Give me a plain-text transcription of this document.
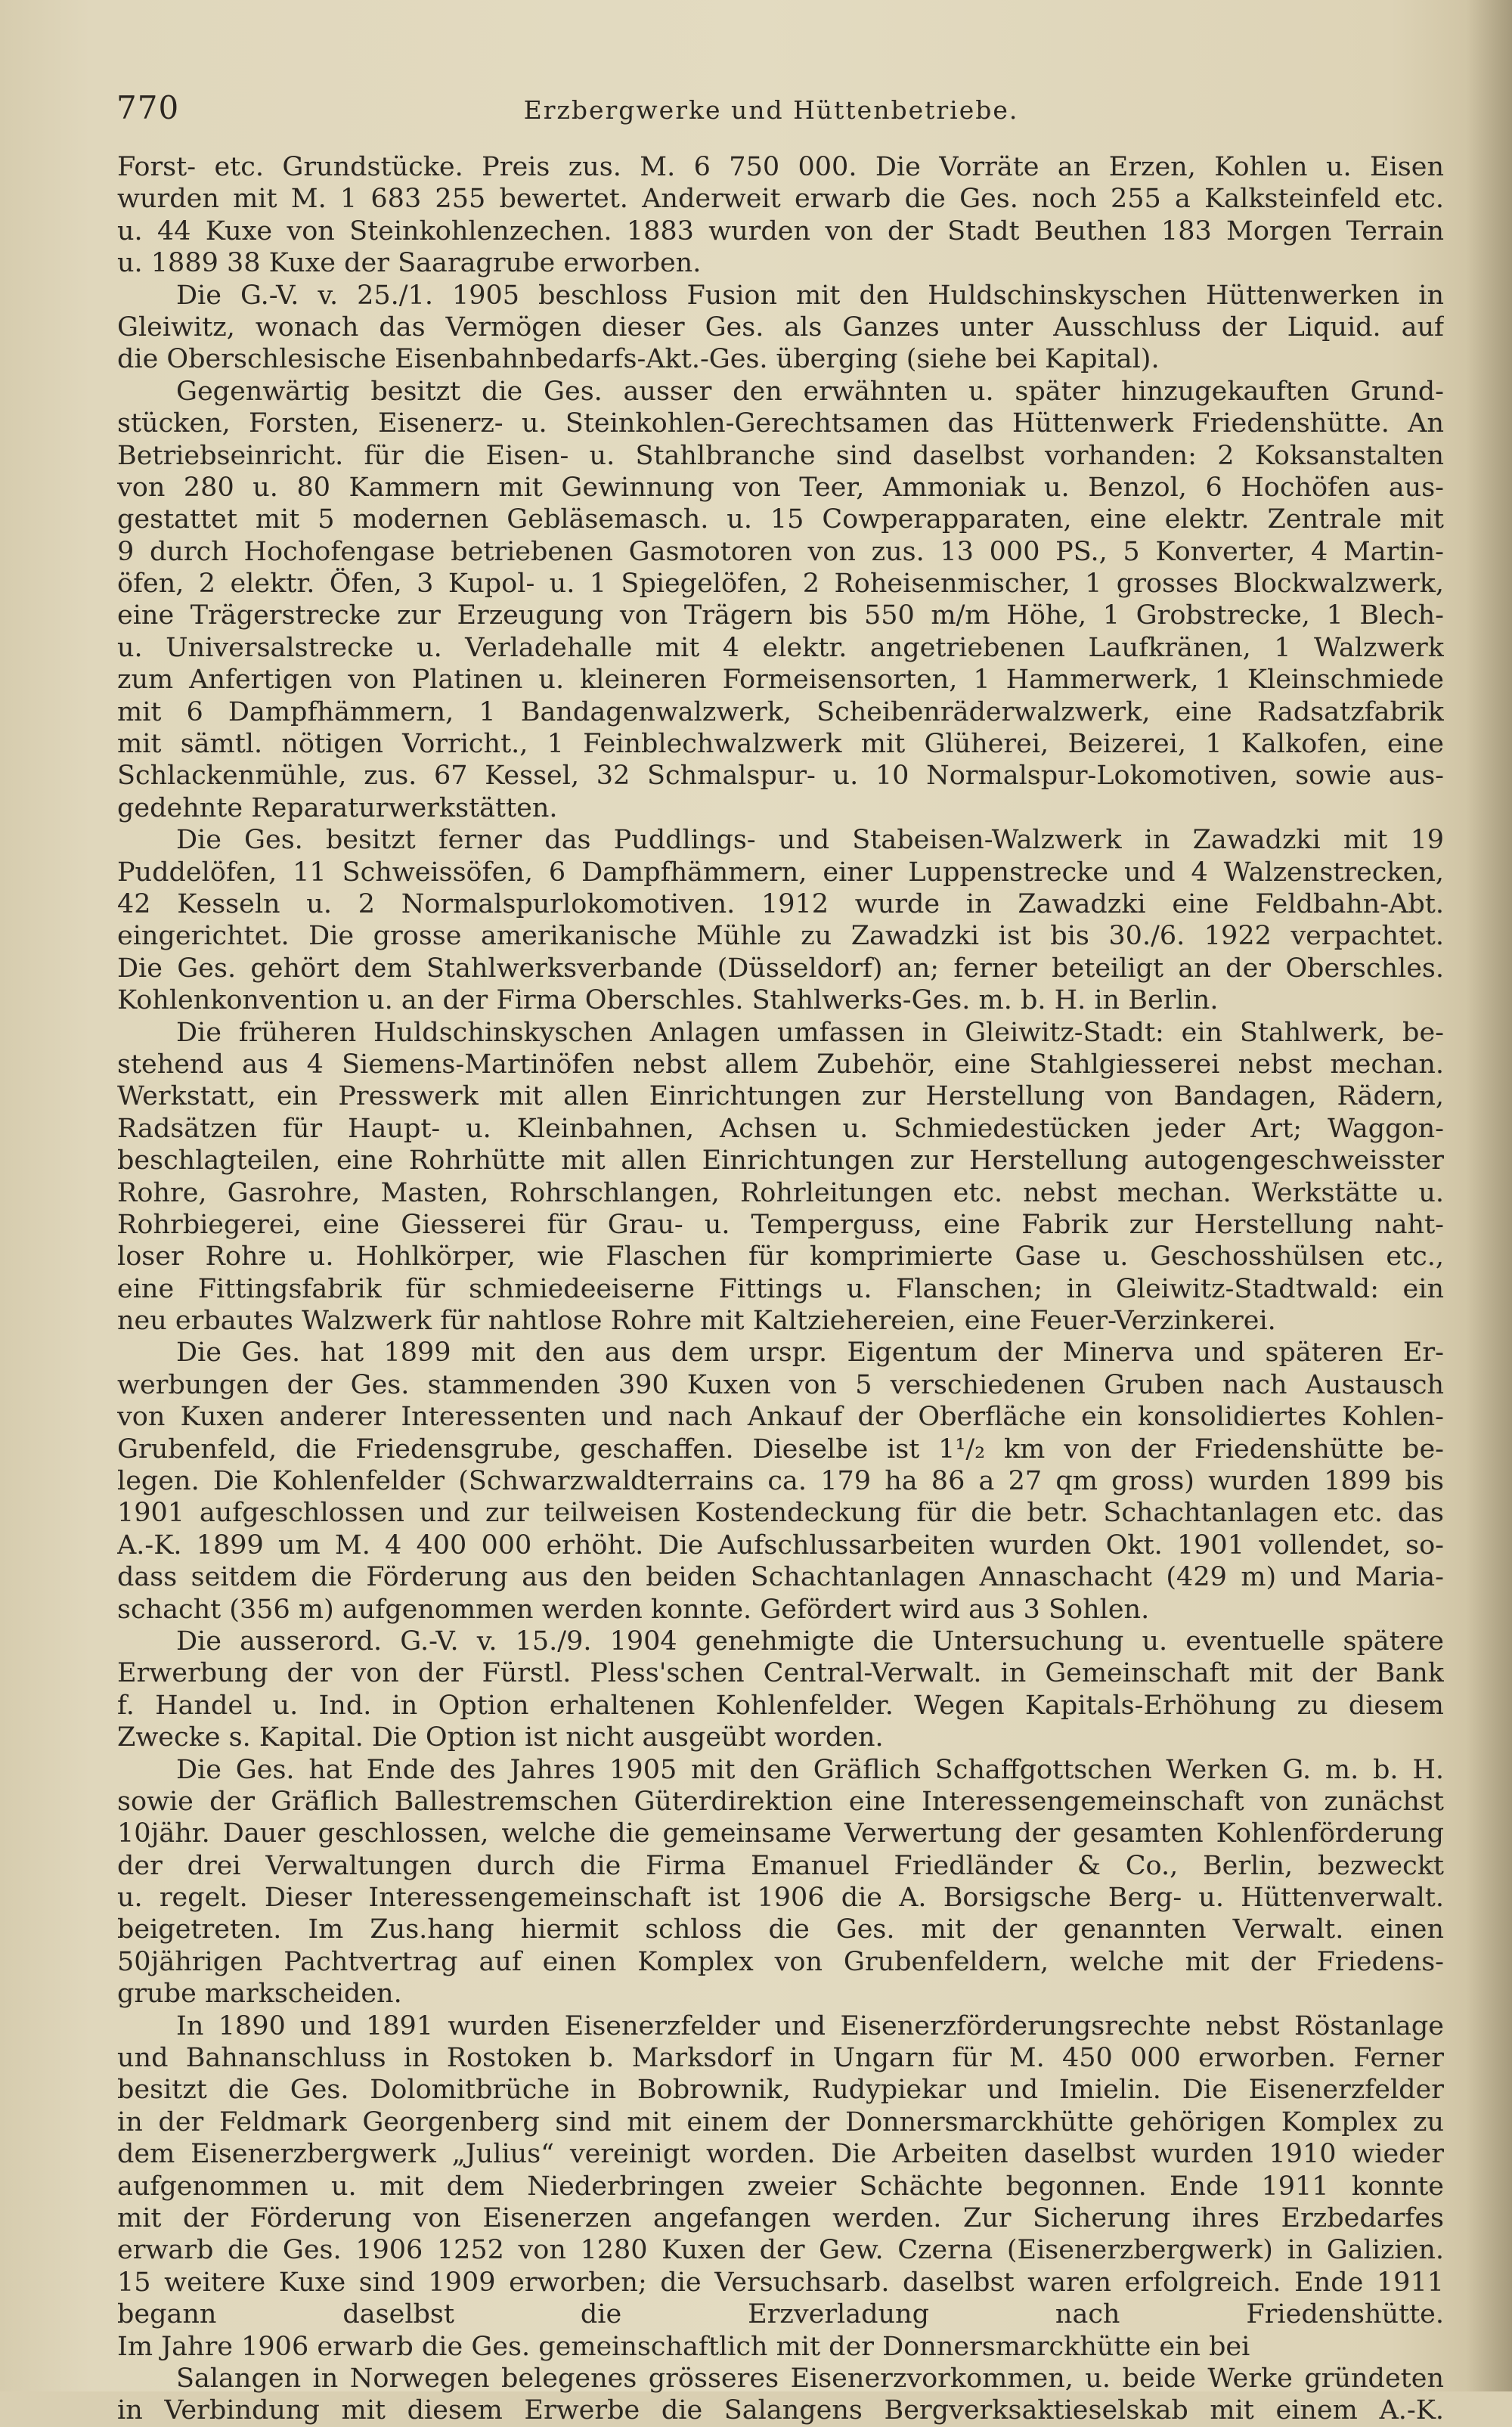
770	Erzbergwerke und Hüttenbetriebe.
Forst- etc. Grundstücke. Preis zus. M. 6 750 000. Die Vorräte an Erzen, Kohlen u. Eisen
wurden mit M. 1 683 255 bewertet. Anderweit erwarb die Ges. noch 255 a Kalksteinfeld etc.
u. 44 Kuxe von Steinkohlenzechen. 1883 wurden von der Stadt Beuthen 183 Morgen Terrain
u. 1889 38 Kuxe der Saaragrube erworben.
Die G.-V. v. 25./1. 1905 beschloss Fusion mit den Huldschinskyschen Hüttenwerken in
Gleiwitz, wonach das Vermögen dieser Ges. als Ganzes unter Ausschluss der Liquid. auf
die Oberschlesische Eisenbahnbedarfs-Akt.-Ges. überging (siehe bei Kapital).
Gegenwärtig besitzt die Ges. ausser den erwähnten u. später hinzugekauften Grund-
stücken, Forsten, Eisenerz- u. Steinkohlen-Gerechtsamen das Hüttenwerk Friedenshütte. An
Betriebseinricht. für die Eisen- u. Stahlbranche sind daselbst vorhanden: 2 Koksanstalten
von 280 u. 80 Kammern mit Gewinnung von Teer, Ammoniak u. Benzol, 6 Hochöfen aus-
gestattet mit 5 modernen Gebläsemasch. u. 15 Cowperapparaten, eine elektr. Zentrale mit
9 durch Hochofengase betriebenen Gasmotoren von zus. 13 000 PS., 5 Konverter, 4 Martin-
öfen, 2 elektr. Öfen, 3 Kupol- u. 1 Spiegelöfen, 2 Roheisenmischer, 1 grosses Blockwalzwerk,
eine Trägerstrecke zur Erzeugung von Trägern bis 550 m/m Höhe, 1 Grobstrecke, 1 Blech-
u. Universalstrecke u. Verladehalle mit 4 elektr. angetriebenen Laufkränen, 1 Walzwerk
zum Anfertigen von Platinen u. kleineren Formeisensorten, 1 Hammerwerk, 1 Kleinschmiede
mit 6 Dampfhämmern, 1 Bandagenwalzwerk, Scheibenräderwalzwerk, eine Radsatzfabrik
mit sämtl. nötigen Vorricht., 1 Feinblechwalzwerk mit Glüherei, Beizerei, 1 Kalkofen, eine
Schlackenmühle, zus. 67 Kessel, 32 Schmalspur- u. 10 Normalspur-Lokomotiven, sowie aus-
gedehnte Reparaturwerkstätten.
Die Ges. besitzt ferner das Puddlings- und Stabeisen-Walzwerk in Zawadzki mit 19
Puddelöfen, 11 Schweissöfen, 6 Dampfhämmern, einer Luppenstrecke und 4 Walzenstrecken,
42 Kesseln u. 2 Normalspurlokomotiven. 1912 wurde in Zawadzki eine Feldbahn-Abt.
eingerichtet. Die grosse amerikanische Mühle zu Zawadzki ist bis 30./6. 1922 verpachtet.
Die Ges. gehört dem Stahlwerksverbande (Düsseldorf) an; ferner beteiligt an der Oberschles.
Kohlenkonvention u. an der Firma Oberschles. Stahlwerks-Ges. m. b. H. in Berlin.
Die früheren Huldschinskyschen Anlagen umfassen in Gleiwitz-Stadt: ein Stahlwerk, be-
stehend aus 4 Siemens-Martinöfen nebst allem Zubehör, eine Stahlgiesserei nebst mechan.
Werkstatt, ein Presswerk mit allen Einrichtungen zur Herstellung von Bandagen, Rädern,
Radsätzen für Haupt- u. Kleinbahnen, Achsen u. Schmiedestücken jeder Art; Waggon-
beschlagteilen, eine Rohrhütte mit allen Einrichtungen zur Herstellung autogengeschweisster
Rohre, Gasrohre, Masten, Rohrschlangen, Rohrleitungen etc. nebst mechan. Werkstätte u.
Rohrbiegerei, eine Giesserei für Grau- u. Temperguss, eine Fabrik zur Herstellung naht-
loser Rohre u. Hohlkörper, wie Flaschen für komprimierte Gase u. Geschosshülsen etc.,
eine Fittingsfabrik für schmiedeeiserne Fittings u. Flanschen; in Gleiwitz-Stadtwald: ein
neu erbautes Walzwerk für nahtlose Rohre mit Kaltziehereien, eine Feuer-Verzinkerei.
Die Ges. hat 1899 mit den aus dem urspr. Eigentum der Minerva und späteren Er-
werbungen der Ges. stammenden 390 Kuxen von 5 verschiedenen Gruben nach Austausch
von Kuxen anderer Interessenten und nach Ankauf der Oberfläche ein konsolidiertes Kohlen-
Grubenfeld, die Friedensgrube, geschaffen. Dieselbe ist 1¹/₂ km von der Friedenshütte be-
legen. Die Kohlenfelder (Schwarzwaldterrains ca. 179 ha 86 a 27 qm gross) wurden 1899 bis
1901 aufgeschlossen und zur teilweisen Kostendeckung für die betr. Schachtanlagen etc. das
A.-K. 1899 um M. 4 400 000 erhöht. Die Aufschlussarbeiten wurden Okt. 1901 vollendet, so-
dass seitdem die Förderung aus den beiden Schachtanlagen Annaschacht (429 m) und Maria-
schacht (356 m) aufgenommen werden konnte. Gefördert wird aus 3 Sohlen.
Die ausserord. G.-V. v. 15./9. 1904 genehmigte die Untersuchung u. eventuelle spätere
Erwerbung der von der Fürstl. Pless'schen Central-Verwalt. in Gemeinschaft mit der Bank
f. Handel u. Ind. in Option erhaltenen Kohlenfelder. Wegen Kapitals-Erhöhung zu diesem
Zwecke s. Kapital. Die Option ist nicht ausgeübt worden.
Die Ges. hat Ende des Jahres 1905 mit den Gräflich Schaffgottschen Werken G. m. b. H.
sowie der Gräflich Ballestremschen Güterdirektion eine Interessengemeinschaft von zunächst
10jähr. Dauer geschlossen, welche die gemeinsame Verwertung der gesamten Kohlenförderung
der drei Verwaltungen durch die Firma Emanuel Friedländer & Co., Berlin, bezweckt
u. regelt. Dieser Interessengemeinschaft ist 1906 die A. Borsigsche Berg- u. Hüttenverwalt.
beigetreten. Im Zus.hang hiermit schloss die Ges. mit der genannten Verwalt. einen
50jährigen Pachtvertrag auf einen Komplex von Grubenfeldern, welche mit der Friedens-
grube markscheiden.
In 1890 und 1891 wurden Eisenerzfelder und Eisenerzförderungsrechte nebst Röstanlage
und Bahnanschluss in Rostoken b. Marksdorf in Ungarn für M. 450 000 erworben. Ferner
besitzt die Ges. Dolomitbrüche in Bobrownik, Rudypiekar und Imielin. Die Eisenerzfelder
in der Feldmark Georgenberg sind mit einem der Donnersmarckhütte gehörigen Komplex zu
dem Eisenerzbergwerk „Julius“ vereinigt worden. Die Arbeiten daselbst wurden 1910 wieder
aufgenommen u. mit dem Niederbringen zweier Schächte begonnen. Ende 1911 konnte
mit der Förderung von Eisenerzen angefangen werden. Zur Sicherung ihres Erzbedarfes
erwarb die Ges. 1906 1252 von 1280 Kuxen der Gew. Czerna (Eisenerzbergwerk) in Galizien.
15 weitere Kuxe sind 1909 erworben; die Versuchsarb. daselbst waren erfolgreich. Ende 1911
begann daselbst die Erzverladung nach Friedenshütte.
Im Jahre 1906 erwarb die Ges. gemeinschaftlich mit der Donnersmarckhütte ein bei
Salangen in Norwegen belegenes grösseres Eisenerzvorkommen, u. beide Werke gründeten
in Verbindung mit diesem Erwerbe die Salangens Bergverksaktieselskab mit einem A.-K.
